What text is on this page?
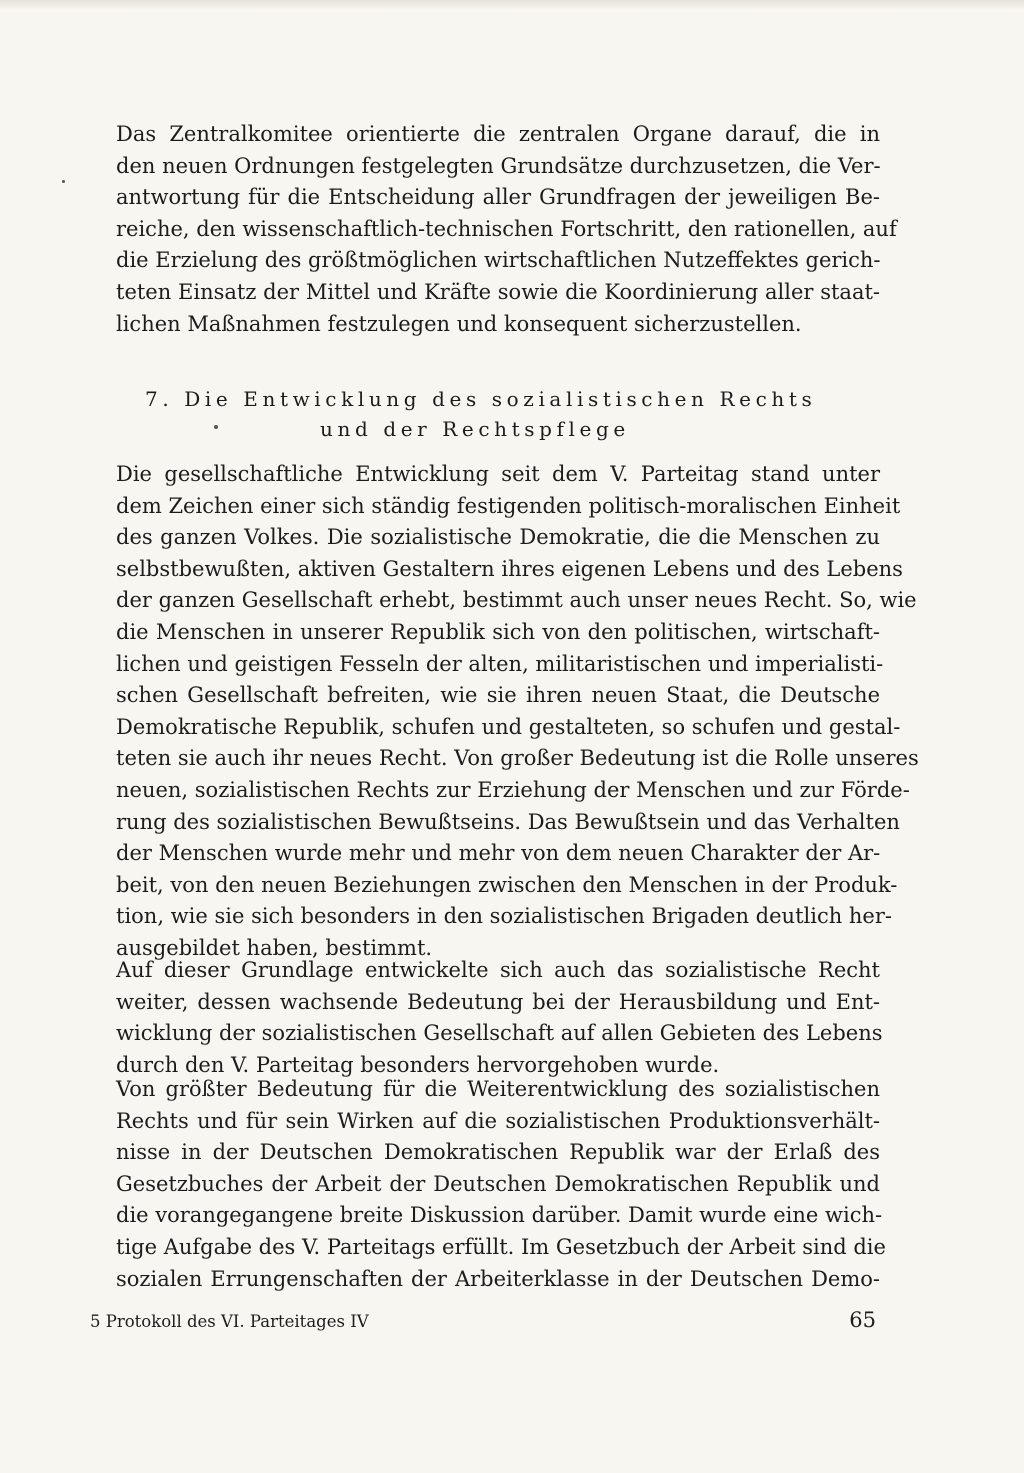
Das Zentralkomitee orientierte die zentralen Organe darauf, die in
den neuen Ordnungen festgelegten Grundsätze durchzusetzen, die Ver-
antwortung für die Entscheidung aller Grundfragen der jeweiligen Be-
reiche, den wissenschaftlich-technischen Fortschritt, den rationellen, auf
die Erzielung des größtmöglichen wirtschaftlichen Nutzeffektes gerich-
teten Einsatz der Mittel und Kräfte sowie die Koordinierung aller staat-
lichen Maßnahmen festzulegen und konsequent sicherzustellen.
7. Die Entwicklung des sozialistischen Rechts
und der Rechtspflege
Die gesellschaftliche Entwicklung seit dem V. Parteitag stand unter
dem Zeichen einer sich ständig festigenden politisch-moralischen Einheit
des ganzen Volkes. Die sozialistische Demokratie, die die Menschen zu
selbstbewußten, aktiven Gestaltern ihres eigenen Lebens und des Lebens
der ganzen Gesellschaft erhebt, bestimmt auch unser neues Recht. So, wie
die Menschen in unserer Republik sich von den politischen, wirtschaft-
lichen und geistigen Fesseln der alten, militaristischen und imperialisti-
schen Gesellschaft befreiten, wie sie ihren neuen Staat, die Deutsche
Demokratische Republik, schufen und gestalteten, so schufen und gestal-
teten sie auch ihr neues Recht. Von großer Bedeutung ist die Rolle unseres
neuen, sozialistischen Rechts zur Erziehung der Menschen und zur Förde-
rung des sozialistischen Bewußtseins. Das Bewußtsein und das Verhalten
der Menschen wurde mehr und mehr von dem neuen Charakter der Ar-
beit, von den neuen Beziehungen zwischen den Menschen in der Produk-
tion, wie sie sich besonders in den sozialistischen Brigaden deutlich her-
ausgebildet haben, bestimmt.
Auf dieser Grundlage entwickelte sich auch das sozialistische Recht
weiter, dessen wachsende Bedeutung bei der Herausbildung und Ent-
wicklung der sozialistischen Gesellschaft auf allen Gebieten des Lebens
durch den V. Parteitag besonders hervorgehoben wurde.
Von größter Bedeutung für die Weiterentwicklung des sozialistischen
Rechts und für sein Wirken auf die sozialistischen Produktionsverhält-
nisse in der Deutschen Demokratischen Republik war der Erlaß des
Gesetzbuches der Arbeit der Deutschen Demokratischen Republik und
die vorangegangene breite Diskussion darüber. Damit wurde eine wich-
tige Aufgabe des V. Parteitags erfüllt. Im Gesetzbuch der Arbeit sind die
sozialen Errungenschaften der Arbeiterklasse in der Deutschen Demo-
5 Protokoll des VI. Parteitages IV	65
